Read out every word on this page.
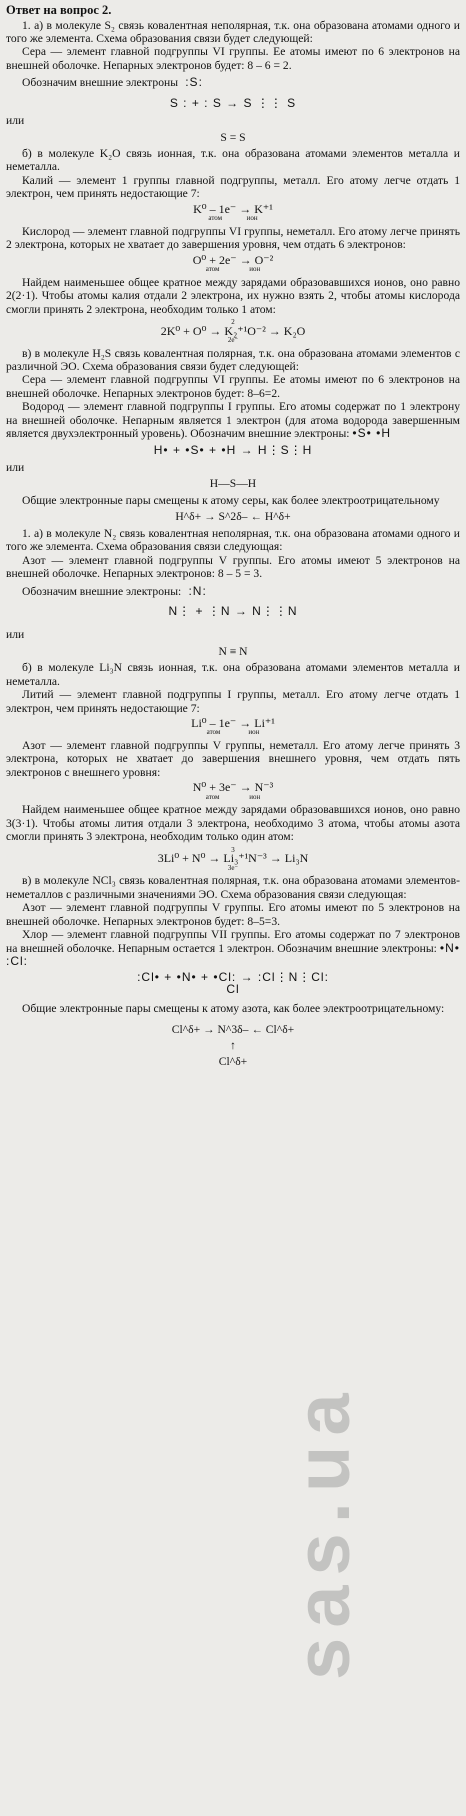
sas.ua

Ответ на вопрос 2.

1. а) в молекуле S₂ связь ковалентная неполярная, т.к. она образована атомами одного и того же элемента. Схема образования связи будет следующей:

Сера — элемент главной подгруппы VI группы. Ее атомы имеют по 6 электронов на внешней оболочке. Непарных электронов будет: 8 – 6 = 2.

Обозначим внешние электроны  :S:

S : + : S → S ⋮⋮ S

или

S = S

б) в молекуле K₂O связь ионная, т.к. она образована атомами элементов металла и неметалла.

Калий — элемент 1 группы главной подгруппы, металл. Его атому легче отдать 1 электрон, чем принять недостающие 7:

K⁰ – 1e⁻ → K⁺¹
атом	ион

Кислород — элемент главной подгруппы VI группы, неметалл. Его атому легче принять 2 электрона, которых не хватает до завершения уровня, чем отдать 6 электронов:

O⁰ + 2e⁻ → O⁻²
атом	ион

Найдем наименьшее общее кратное между зарядами образовавшихся ионов, оно равно 2(2·1). Чтобы атомы калия отдали 2 электрона, их нужно взять 2, чтобы атомы кислорода смогли принять 2 электрона, необходим только 1 атом:

2
2K⁰ + O⁰ → K₂⁺¹O⁻² → K₂O
2e⁻

в) в молекуле H₂S связь ковалентная полярная, т.к. она образована атомами элементов с различной ЭО. Схема образования связи будет следующей:

Сера — элемент главной подгруппы VI группы. Ее атомы имеют по 6 электронов на внешней оболочке. Непарных электронов будет: 8–6=2.

Водород — элемент главной подгруппы I группы. Его атомы содержат по 1 электрону на внешней оболочке. Непарным является 1 электрон (для атома водорода завершенным является двухэлектронный уровень). Обозначим внешние электроны: •S• •H

H• + •S• + •H → H⋮S⋮H

или

H—S—H

Общие электронные пары смещены к атому серы, как более электроотрицательному

H^δ+ → S^2δ– ← H^δ+

1. а) в молекуле N₂ связь ковалентная неполярная, т.к. она образована атомами одного и того же элемента. Схема образования связи следующая:

Азот — элемент главной подгруппы V группы. Его атомы имеют 5 электронов на внешней оболочке. Непарных электронов: 8 – 5 = 3.

Обозначим внешние электроны:  :N:

N⋮ + ⋮N → N⋮⋮N

или

N ≡ N

б) в молекуле Li₃N связь ионная, т.к. она образована атомами элементов металла и неметалла.

Литий — элемент главной подгруппы I группы, металл. Его атому легче отдать 1 электрон, чем принять недостающие 7:

Li⁰ – 1e⁻ → Li⁺¹
атом	ион

Азот — элемент главной подгруппы V группы, неметалл. Его атому легче принять 3 электрона, которых не хватает до завершения внешнего уровня, чем отдать пять электронов с внешнего уровня:

N⁰ + 3e⁻ → N⁻³
атом	ион

Найдем наименьшее общее кратное между зарядами образовавшихся ионов, оно равно 3(3·1). Чтобы атомы лития отдали 3 электрона, необходимо 3 атома, чтобы атомы азота смогли принять 3 электрона, необходим только один атом:

3
3Li⁰ + N⁰ → Li₃⁺¹N⁻³ → Li₃N
3e⁻

в) в молекуле NCl₃ связь ковалентная полярная, т.к. она образована атомами элементов-неметаллов с различными значениями ЭО. Схема образования связи следующая:

Азот — элемент главной подгруппы V группы. Его атомы имеют по 5 электронов на внешней оболочке. Непарных электронов будет: 8–5=3.

Хлор — элемент главной подгруппы VII группы. Его атомы содержат по 7 электронов на внешней оболочке. Непарным остается 1 электрон. Обозначим внешние электроны: •N• :Cl:

:Cl• + •N• + •Cl: → :Cl⋮N⋮Cl:
Cl

Общие электронные пары смещены к атому азота, как более электроотрицательному:

Cl^δ+ → N^3δ– ← Cl^δ+
↑
Cl^δ+
